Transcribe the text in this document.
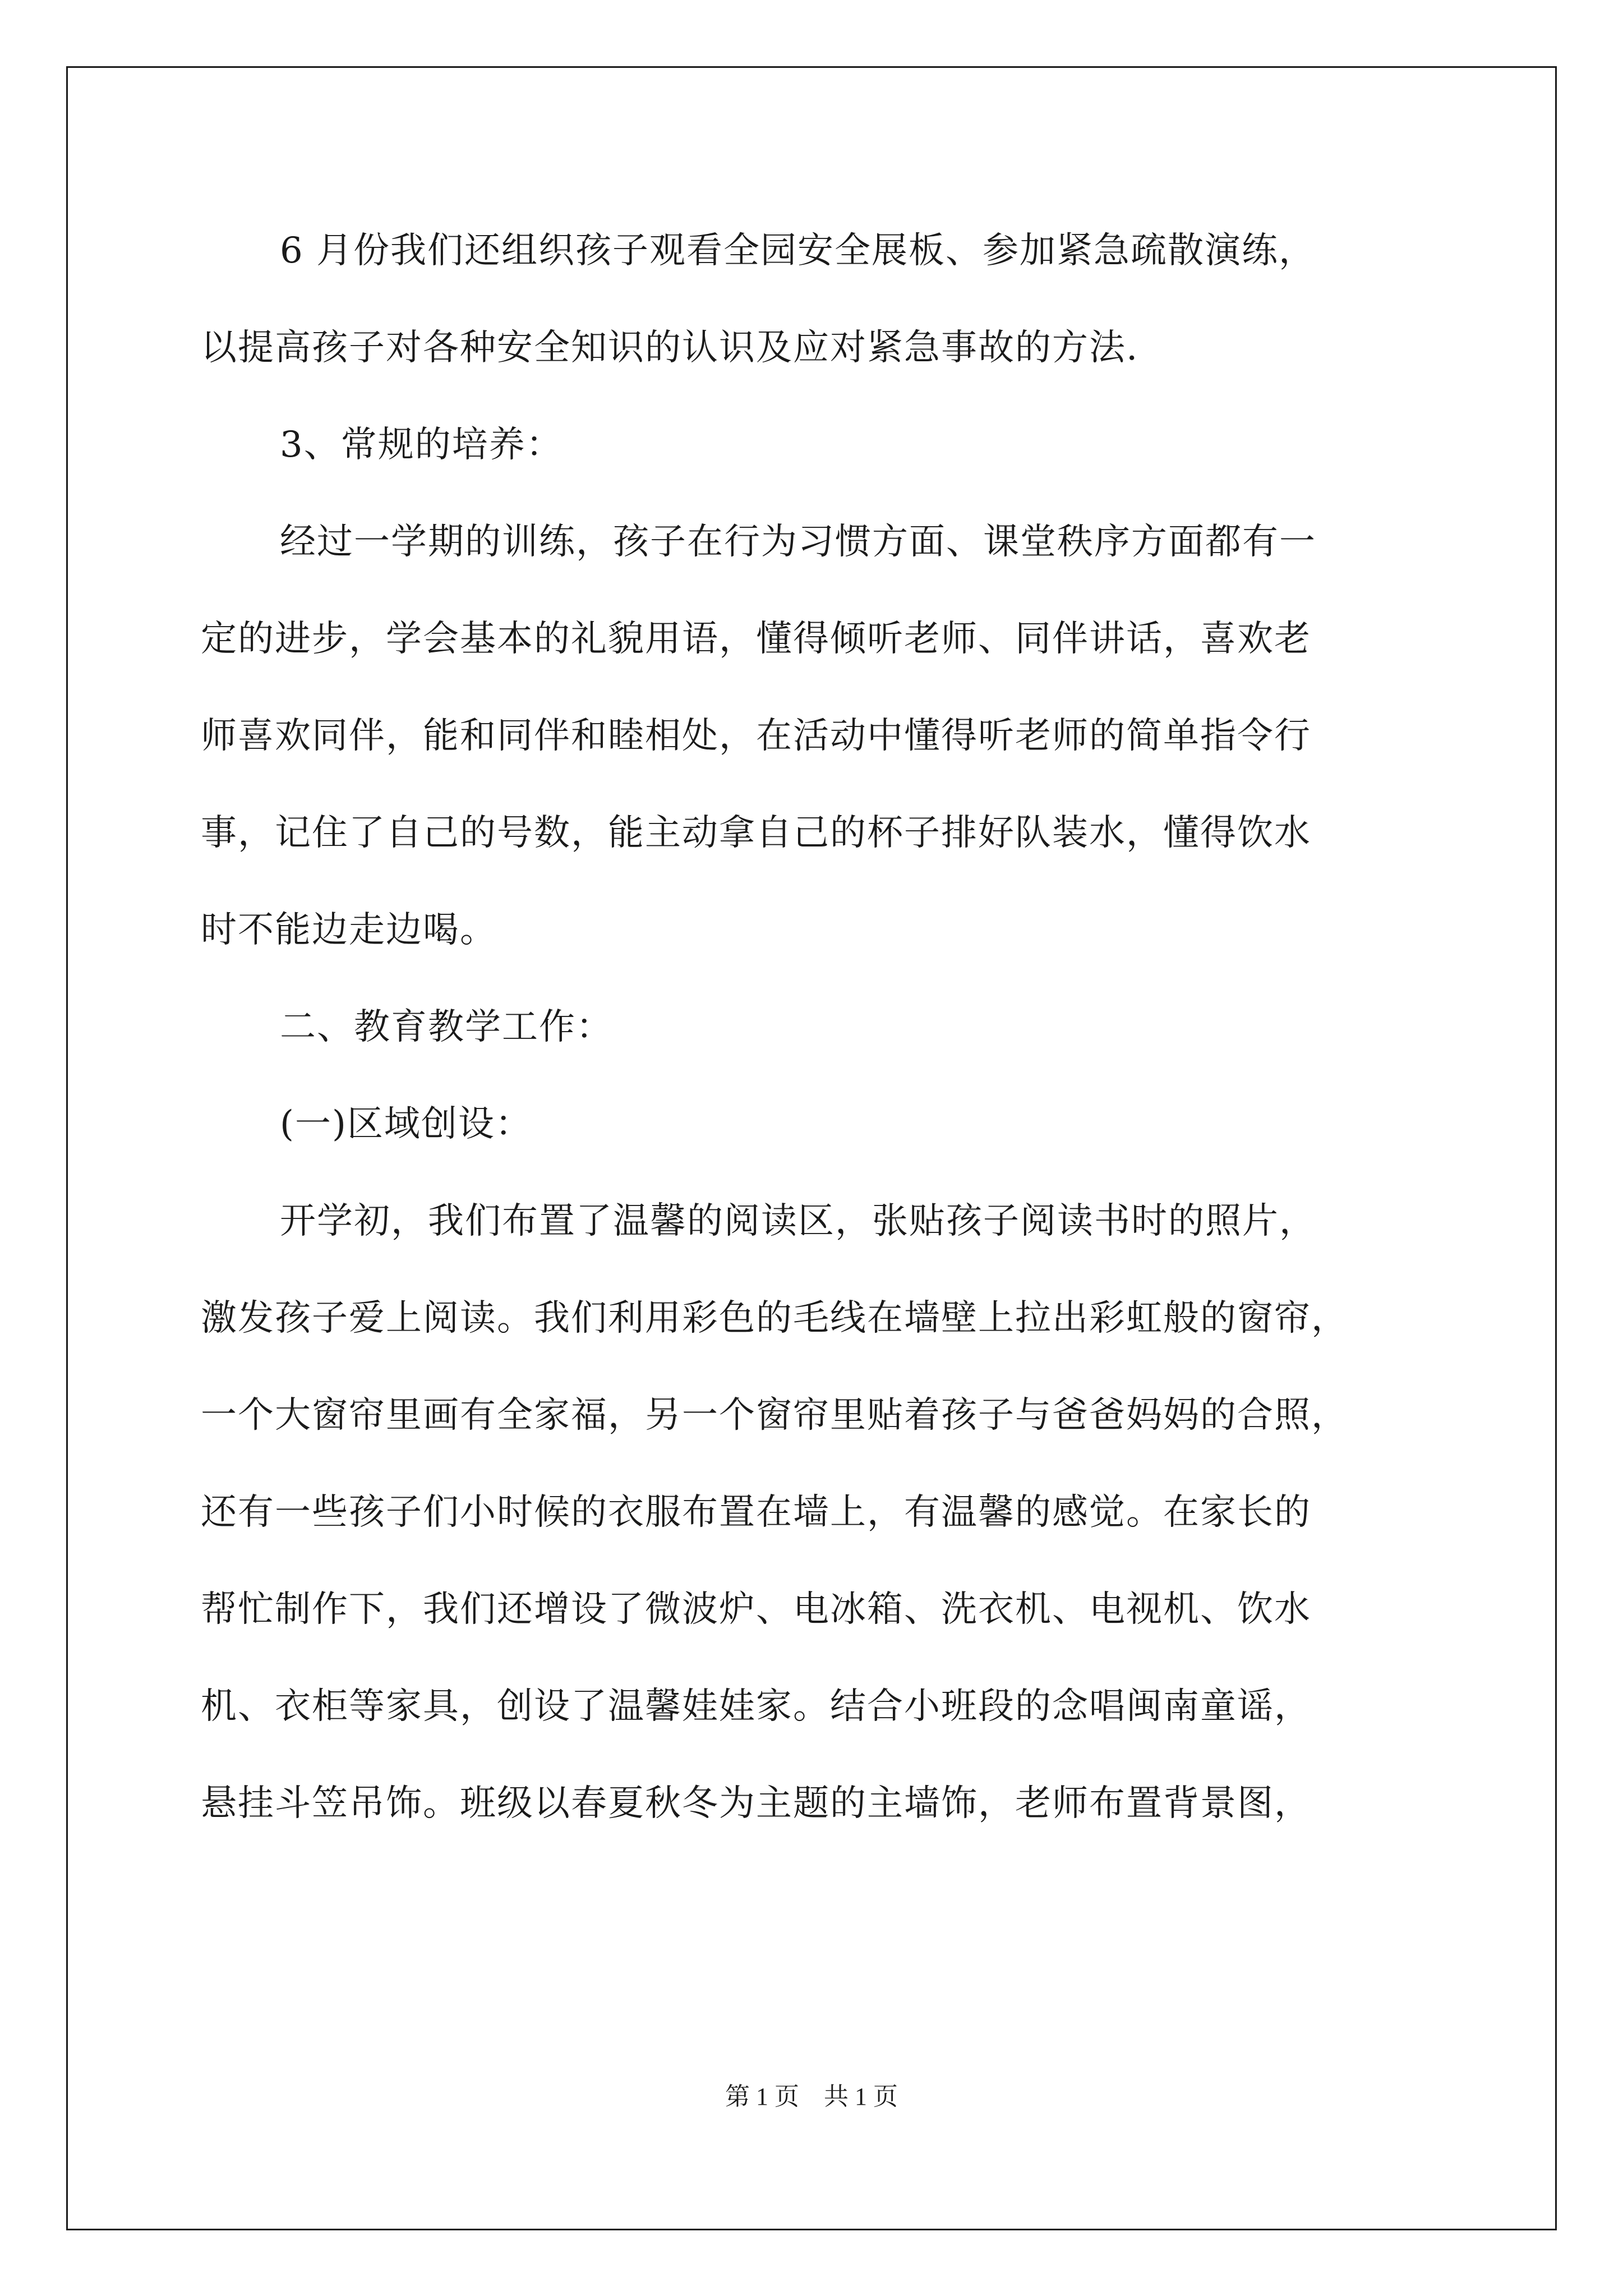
6 月份我们还组织孩子观看全园安全展板、参加紧急疏散演练，
以提高孩子对各种安全知识的认识及应对紧急事故的方法.
3、常规的培养：
经过一学期的训练，孩子在行为习惯方面、课堂秩序方面都有一
定的进步，学会基本的礼貌用语，懂得倾听老师、同伴讲话，喜欢老
师喜欢同伴，能和同伴和睦相处，在活动中懂得听老师的简单指令行
事，记住了自己的号数，能主动拿自己的杯子排好队装水，懂得饮水
时不能边走边喝。
二、教育教学工作：
(一)区域创设：
开学初，我们布置了温馨的阅读区，张贴孩子阅读书时的照片，
激发孩子爱上阅读。我们利用彩色的毛线在墙壁上拉出彩虹般的窗帘，
一个大窗帘里画有全家福，另一个窗帘里贴着孩子与爸爸妈妈的合照，
还有一些孩子们小时候的衣服布置在墙上，有温馨的感觉。在家长的
帮忙制作下，我们还增设了微波炉、电冰箱、洗衣机、电视机、饮水
机、衣柜等家具，创设了温馨娃娃家。结合小班段的念唱闽南童谣，
悬挂斗笠吊饰。班级以春夏秋冬为主题的主墙饰，老师布置背景图，
第 1 页    共 1 页
